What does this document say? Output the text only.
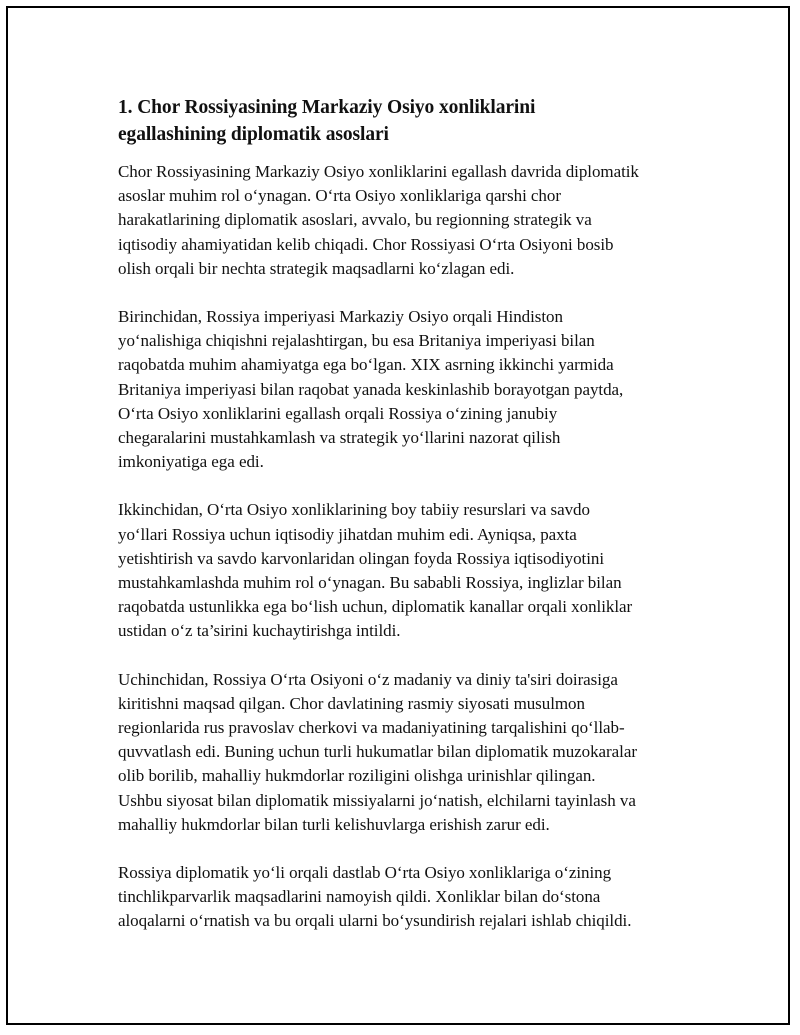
1. Chor Rossiyasining Markaziy Osiyo xonliklarini
egallashining diplomatik asoslari

Chor Rossiyasining Markaziy Osiyo xonliklarini egallash davrida diplomatik
asoslar muhim rol o‘ynagan. O‘rta Osiyo xonliklariga qarshi chor
harakatlarining diplomatik asoslari, avvalo, bu regionning strategik va
iqtisodiy ahamiyatidan kelib chiqadi. Chor Rossiyasi O‘rta Osiyoni bosib
olish orqali bir nechta strategik maqsadlarni ko‘zlagan edi.

Birinchidan, Rossiya imperiyasi Markaziy Osiyo orqali Hindiston
yo‘nalishiga chiqishni rejalashtirgan, bu esa Britaniya imperiyasi bilan
raqobatda muhim ahamiyatga ega bo‘lgan. XIX asrning ikkinchi yarmida
Britaniya imperiyasi bilan raqobat yanada keskinlashib borayotgan paytda,
O‘rta Osiyo xonliklarini egallash orqali Rossiya o‘zining janubiy
chegaralarini mustahkamlash va strategik yo‘llarini nazorat qilish
imkoniyatiga ega edi.

Ikkinchidan, O‘rta Osiyo xonliklarining boy tabiiy resurslari va savdo
yo‘llari Rossiya uchun iqtisodiy jihatdan muhim edi. Ayniqsa, paxta
yetishtirish va savdo karvonlaridan olingan foyda Rossiya iqtisodiyotini
mustahkamlashda muhim rol o‘ynagan. Bu sababli Rossiya, inglizlar bilan
raqobatda ustunlikka ega bo‘lish uchun, diplomatik kanallar orqali xonliklar
ustidan o‘z ta’sirini kuchaytirishga intildi.

Uchinchidan, Rossiya O‘rta Osiyoni o‘z madaniy va diniy ta'siri doirasiga
kiritishni maqsad qilgan. Chor davlatining rasmiy siyosati musulmon
regionlarida rus pravoslav cherkovi va madaniyatining tarqalishini qo‘llab-
quvvatlash edi. Buning uchun turli hukumatlar bilan diplomatik muzokaralar
olib borilib, mahalliy hukmdorlar roziligini olishga urinishlar qilingan.
Ushbu siyosat bilan diplomatik missiyalarni jo‘natish, elchilarni tayinlash va
mahalliy hukmdorlar bilan turli kelishuvlarga erishish zarur edi.

Rossiya diplomatik yo‘li orqali dastlab O‘rta Osiyo xonliklariga o‘zining
tinchlikparvarlik maqsadlarini namoyish qildi. Xonliklar bilan do‘stona
aloqalarni o‘rnatish va bu orqali ularni bo‘ysundirish rejalari ishlab chiqildi.
